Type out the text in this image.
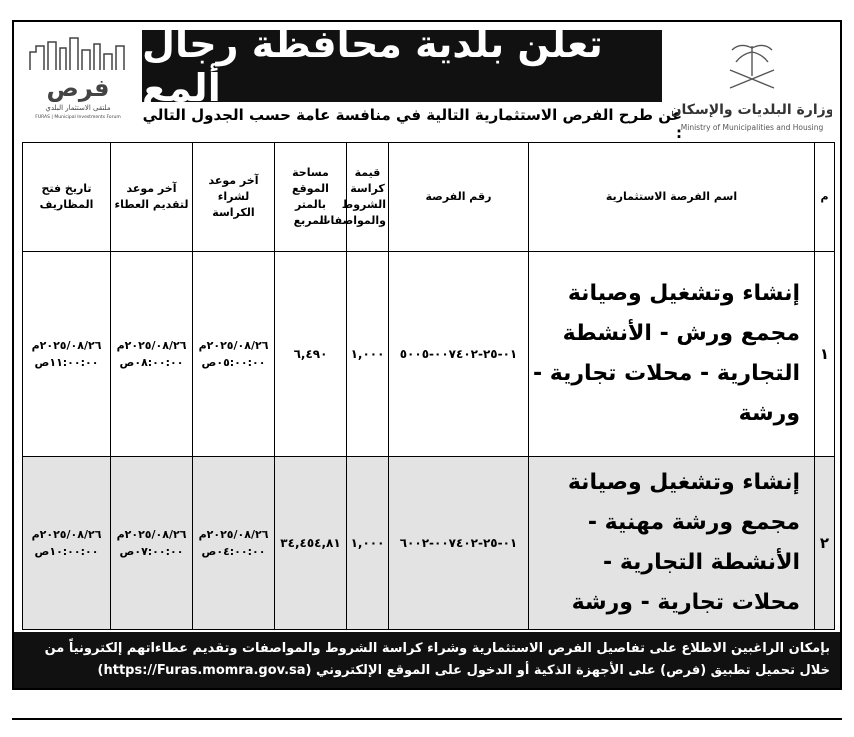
فرص
ملتقى الاستثمار البلدي
FURAS | Municipal Investments Forum
تعلن بلدية محافظة رجال ألمع
عن طرح الفرص الاستثمارية التالية في منافسة عامة حسب الجدول التالي :
وزارة البلديات والإسكان
Ministry of Municipalities and Housing
م	اسم الفرصة الاستثمارية	رقم الفرصة	قيمة كراسة الشروط والمواصفات	مساحة الموقع بالمتر المربع	آخر موعد لشراء الكراسة	آخر موعد لتقديم العطاء	تاريخ فتح المظاريف
١	إنشاء وتشغيل وصيانة مجمع ورش - الأنشطة التجارية - محلات تجارية - ورشة	٠١-٢٥-٠٠٧٤٠٢-٥٠٠٥	١,٠٠٠	٦,٤٩٠	٢٠٢٥/٠٨/٢٦م ٠٥:٠٠:٠٠ص	٢٠٢٥/٠٨/٢٦م ٠٨:٠٠:٠٠ص	٢٠٢٥/٠٨/٢٦م ١١:٠٠:٠٠ص
٢	إنشاء وتشغيل وصيانة مجمع ورشة مهنية - الأنشطة التجارية - محلات تجارية - ورشة	٠١-٢٥-٠٠٧٤٠٢-٦٠٠٢	١,٠٠٠	٣٤,٤٥٤,٨١	٢٠٢٥/٠٨/٢٦م ٠٤:٠٠:٠٠ص	٢٠٢٥/٠٨/٢٦م ٠٧:٠٠:٠٠ص	٢٠٢٥/٠٨/٢٦م ١٠:٠٠:٠٠ص
بإمكان الراغبين الاطلاع على تفاصيل الفرص الاستثمارية وشراء كراسة الشروط والمواصفات وتقديم عطاءاتهم إلكترونياً من
خلال تحميل تطبيق (فرص) على الأجهزة الذكية أو الدخول على الموقع الإلكتروني (https://Furas.momra.gov.sa)
